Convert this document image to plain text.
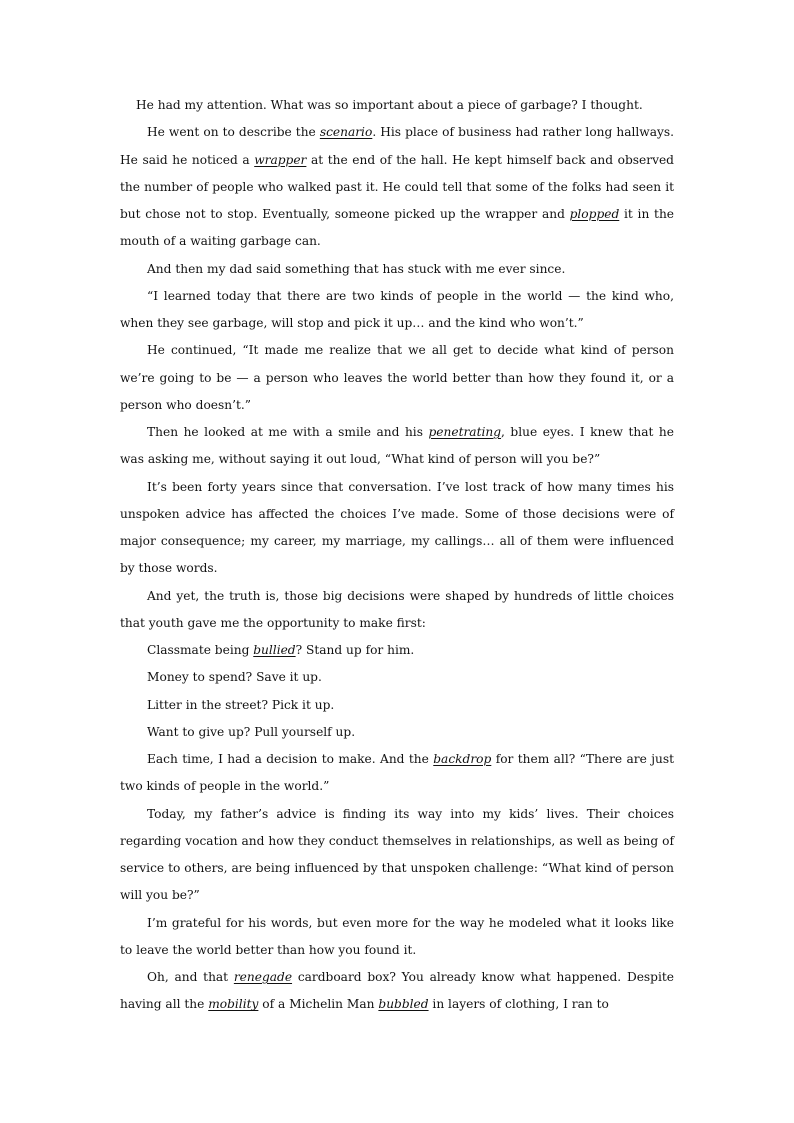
He had my attention. What was so important about a piece of garbage? I thought.

He went on to describe the scenario. His place of business had rather long hallways. He said he noticed a wrapper at the end of the hall. He kept himself back and observed the number of people who walked past it. He could tell that some of the folks had seen it but chose not to stop. Eventually, someone picked up the wrapper and plopped it in the mouth of a waiting garbage can.

And then my dad said something that has stuck with me ever since.

“I learned today that there are two kinds of people in the world — the kind who, when they see garbage, will stop and pick it up… and the kind who won’t.”

He continued, “It made me realize that we all get to decide what kind of person we’re going to be — a person who leaves the world better than how they found it, or a person who doesn’t.”

Then he looked at me with a smile and his penetrating, blue eyes. I knew that he was asking me, without saying it out loud, “What kind of person will you be?”

It’s been forty years since that conversation. I’ve lost track of how many times his unspoken advice has affected the choices I’ve made. Some of those decisions were of major consequence; my career, my marriage, my callings… all of them were influenced by those words.

And yet, the truth is, those big decisions were shaped by hundreds of little choices that youth gave me the opportunity to make first:

Classmate being bullied? Stand up for him.

Money to spend? Save it up.

Litter in the street? Pick it up.

Want to give up? Pull yourself up.

Each time, I had a decision to make. And the backdrop for them all? “There are just two kinds of people in the world.”

Today, my father’s advice is finding its way into my kids’ lives. Their choices regarding vocation and how they conduct themselves in relationships, as well as being of service to others, are being influenced by that unspoken challenge: “What kind of person will you be?”

I’m grateful for his words, but even more for the way he modeled what it looks like to leave the world better than how you found it.

Oh, and that renegade cardboard box? You already know what happened. Despite having all the mobility of a Michelin Man bubbled in layers of clothing, I ran to
